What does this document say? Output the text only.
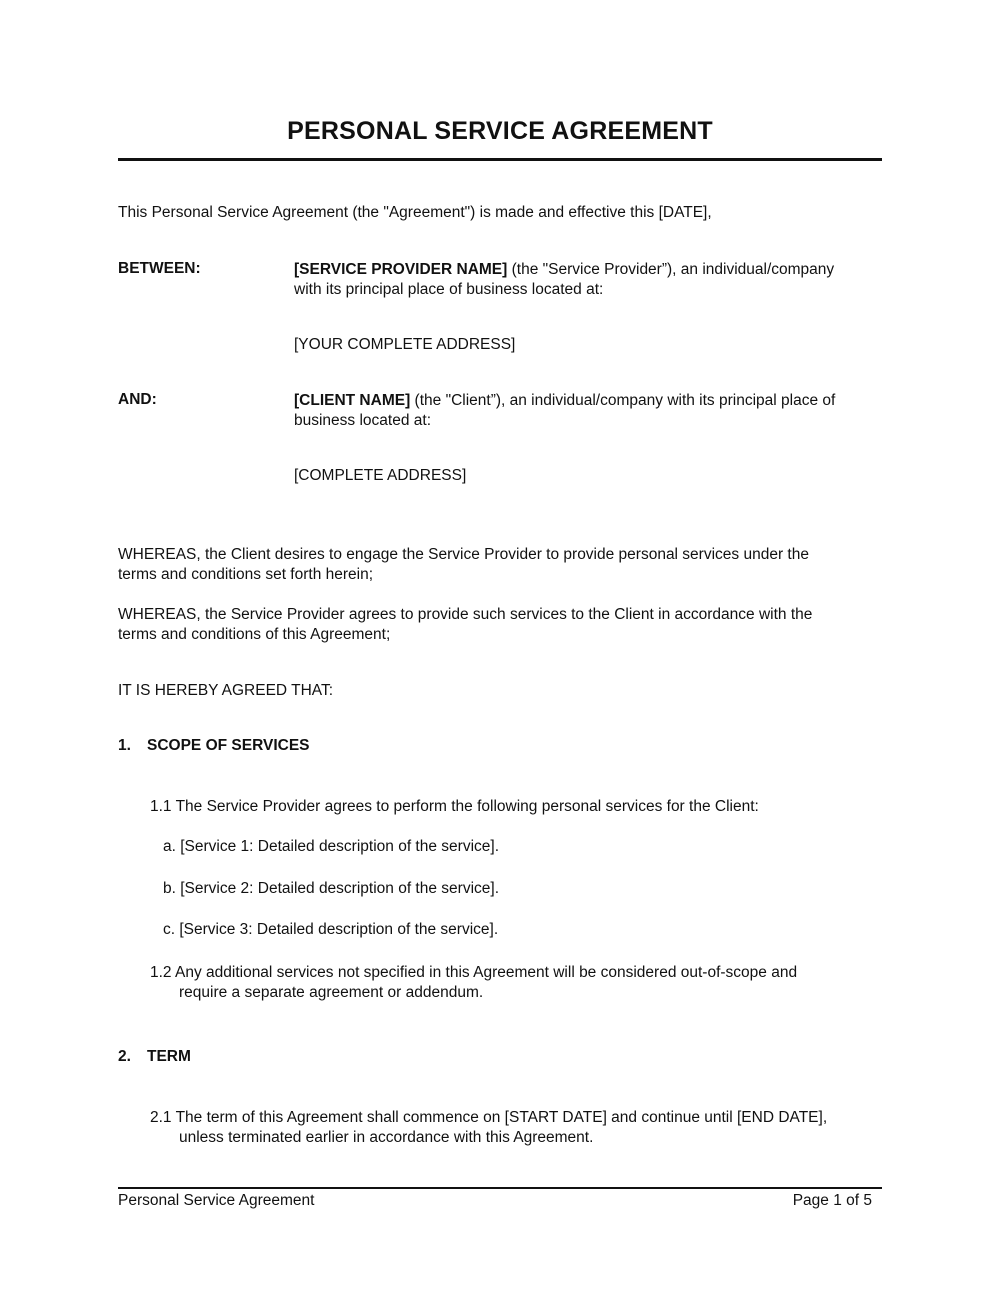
PERSONAL SERVICE AGREEMENT
This Personal Service Agreement (the "Agreement") is made and effective this [DATE],
BETWEEN:	[SERVICE PROVIDER NAME] (the "Service Provider”), an individual/company
with its principal place of business located at:
[YOUR COMPLETE ADDRESS]
AND:	[CLIENT NAME] (the "Client”), an individual/company with its principal place of
business located at:
[COMPLETE ADDRESS]
WHEREAS, the Client desires to engage the Service Provider to provide personal services under the
terms and conditions set forth herein;
WHEREAS, the Service Provider agrees to provide such services to the Client in accordance with the
terms and conditions of this Agreement;
IT IS HEREBY AGREED THAT:
1. SCOPE OF SERVICES
1.1 The Service Provider agrees to perform the following personal services for the Client:
a. [Service 1: Detailed description of the service].
b. [Service 2: Detailed description of the service].
c. [Service 3: Detailed description of the service].
1.2 Any additional services not specified in this Agreement will be considered out-of-scope and
require a separate agreement or addendum.
2. TERM
2.1 The term of this Agreement shall commence on [START DATE] and continue until [END DATE],
unless terminated earlier in accordance with this Agreement.
Personal Service Agreement	Page 1 of 5
